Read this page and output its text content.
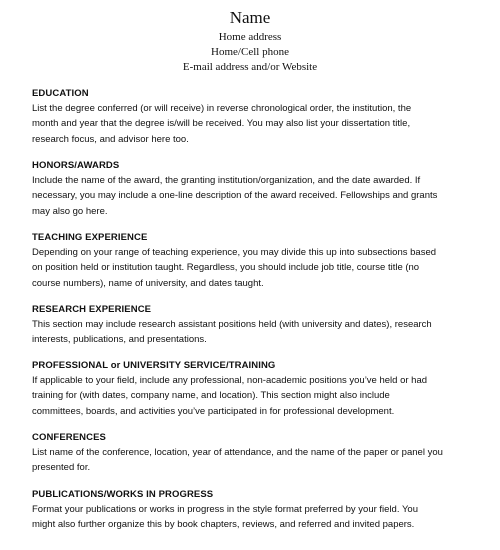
Name
Home address
Home/Cell phone
E-mail address and/or Website
EDUCATION

List the degree conferred (or will receive) in reverse chronological order, the institution, the
month and year that the degree is/will be received. You may also list your dissertation title,
research focus, and advisor here too.

HONORS/AWARDS

Include the name of the award, the granting institution/organization, and the date awarded. If
necessary, you may include a one-line description of the award received. Fellowships and grants
may also go here.

TEACHING EXPERIENCE

Depending on your range of teaching experience, you may divide this up into subsections based
on position held or institution taught. Regardless, you should include job title, course title (no
course numbers), name of university, and dates taught.

RESEARCH EXPERIENCE

This section may include research assistant positions held (with university and dates), research
interests, publications, and presentations.

PROFESSIONAL or UNIVERSITY SERVICE/TRAINING

If applicable to your field, include any professional, non-academic positions you’ve held or had
training for (with dates, company name, and location). This section might also include
committees, boards, and activities you’ve participated in for professional development.

CONFERENCES

List name of the conference, location, year of attendance, and the name of the paper or panel you
presented for.

PUBLICATIONS/WORKS IN PROGRESS

Format your publications or works in progress in the style format preferred by your field. You
might also further organize this by book chapters, reviews, and referred and invited papers.
